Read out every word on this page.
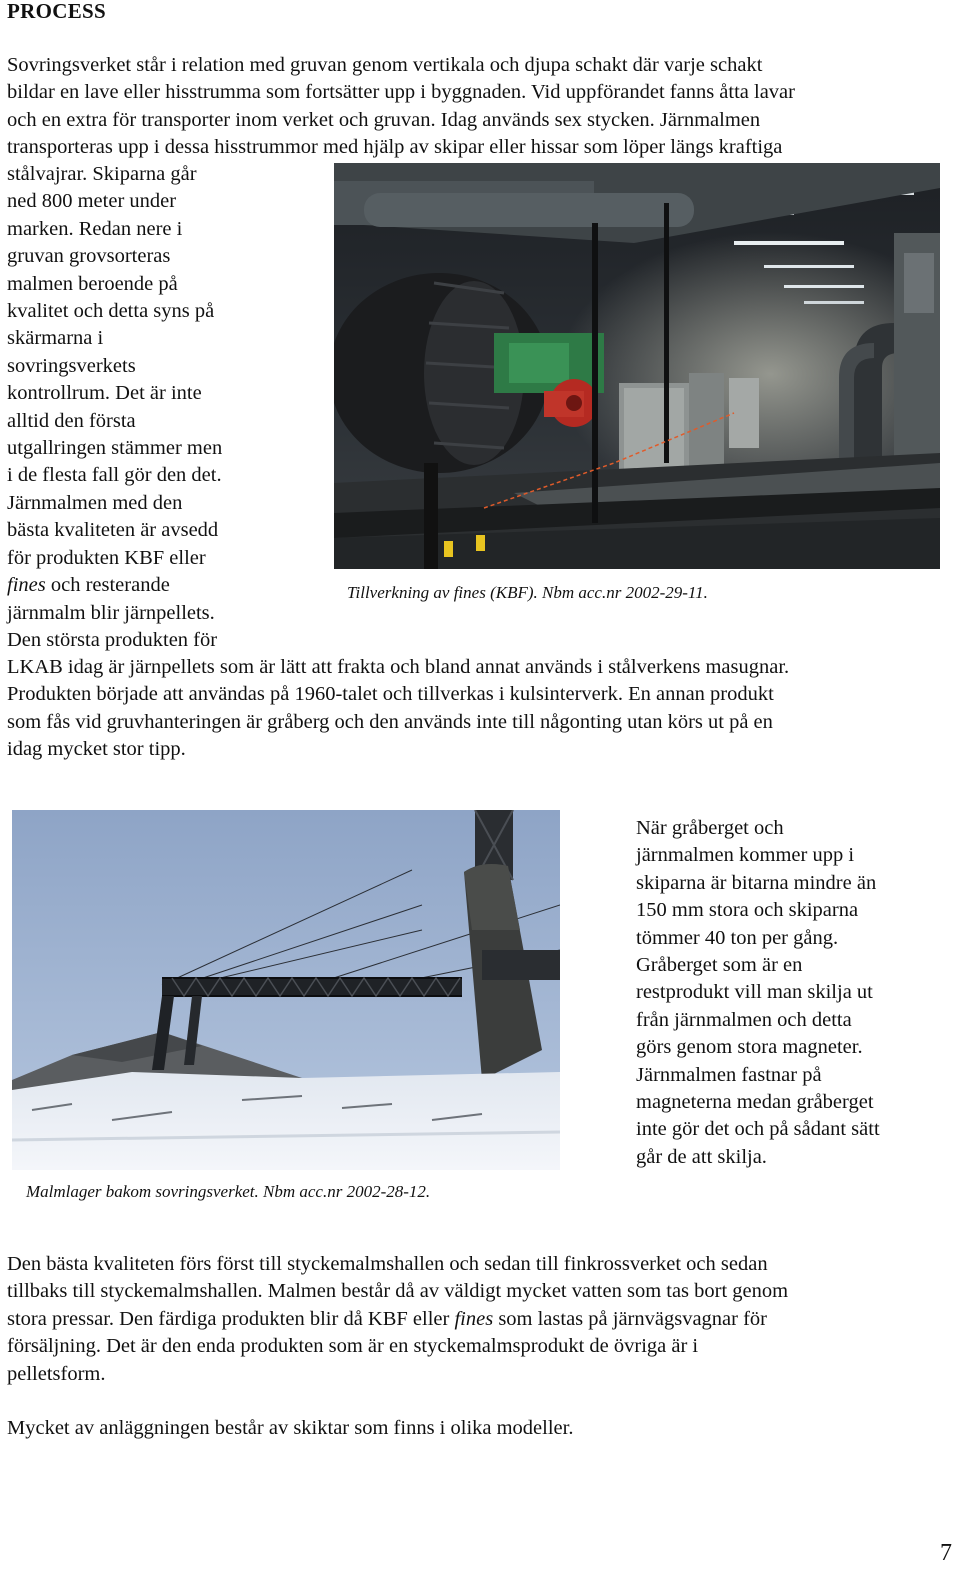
PROCESS
Sovringsverket står i relation med gruvan genom vertikala och djupa schakt där varje schakt
bildar en lave eller hisstrumma som fortsätter upp i byggnaden. Vid uppförandet fanns åtta lavar
och en extra för transporter inom verket och gruvan. Idag används sex stycken. Järnmalmen
transporteras upp i dessa hisstrummor med hjälp av skipar eller hissar som löper längs kraftiga
stålvajrar. Skiparna går
ned 800 meter under
marken. Redan nere i
gruvan grovsorteras
malmen beroende på
kvalitet och detta syns på
skärmarna i
sovringsverkets
kontrollrum. Det är inte
alltid den första
utgallringen stämmer men
i de flesta fall gör den det.
Järnmalmen med den
bästa kvaliteten är avsedd
för produkten KBF eller
fines och resterande
järnmalm blir järnpellets.
Den största produkten för
LKAB idag är järnpellets som är lätt att frakta och bland annat används i stålverkens masugnar.
Produkten började att användas på 1960-talet och tillverkas i kulsinterverk. En annan produkt
som fås vid gruvhanteringen är gråberg och den används inte till någonting utan körs ut på en
idag mycket stor tipp.
Tillverkning av fines (KBF). Nbm acc.nr 2002-29-11.
Malmlager bakom sovringsverket. Nbm acc.nr 2002-28-12.
När gråberget och
järnmalmen kommer upp i
skiparna är bitarna mindre än
150 mm stora och skiparna
tömmer 40 ton per gång.
Gråberget som är en
restprodukt vill man skilja ut
från järnmalmen och detta
görs genom stora magneter.
Järnmalmen fastnar på
magneterna medan gråberget
inte gör det och på sådant sätt
går de att skilja.
Den bästa kvaliteten förs först till styckemalmshallen och sedan till finkrossverket och sedan
tillbaks till styckemalmshallen. Malmen består då av väldigt mycket vatten som tas bort genom
stora pressar. Den färdiga produkten blir då KBF eller fines som lastas på järnvägsvagnar för
försäljning. Det är den enda produkten som är en styckemalmsprodukt de övriga är i
pelletsform.
Mycket av anläggningen består av skiktar som finns i olika modeller.
7
